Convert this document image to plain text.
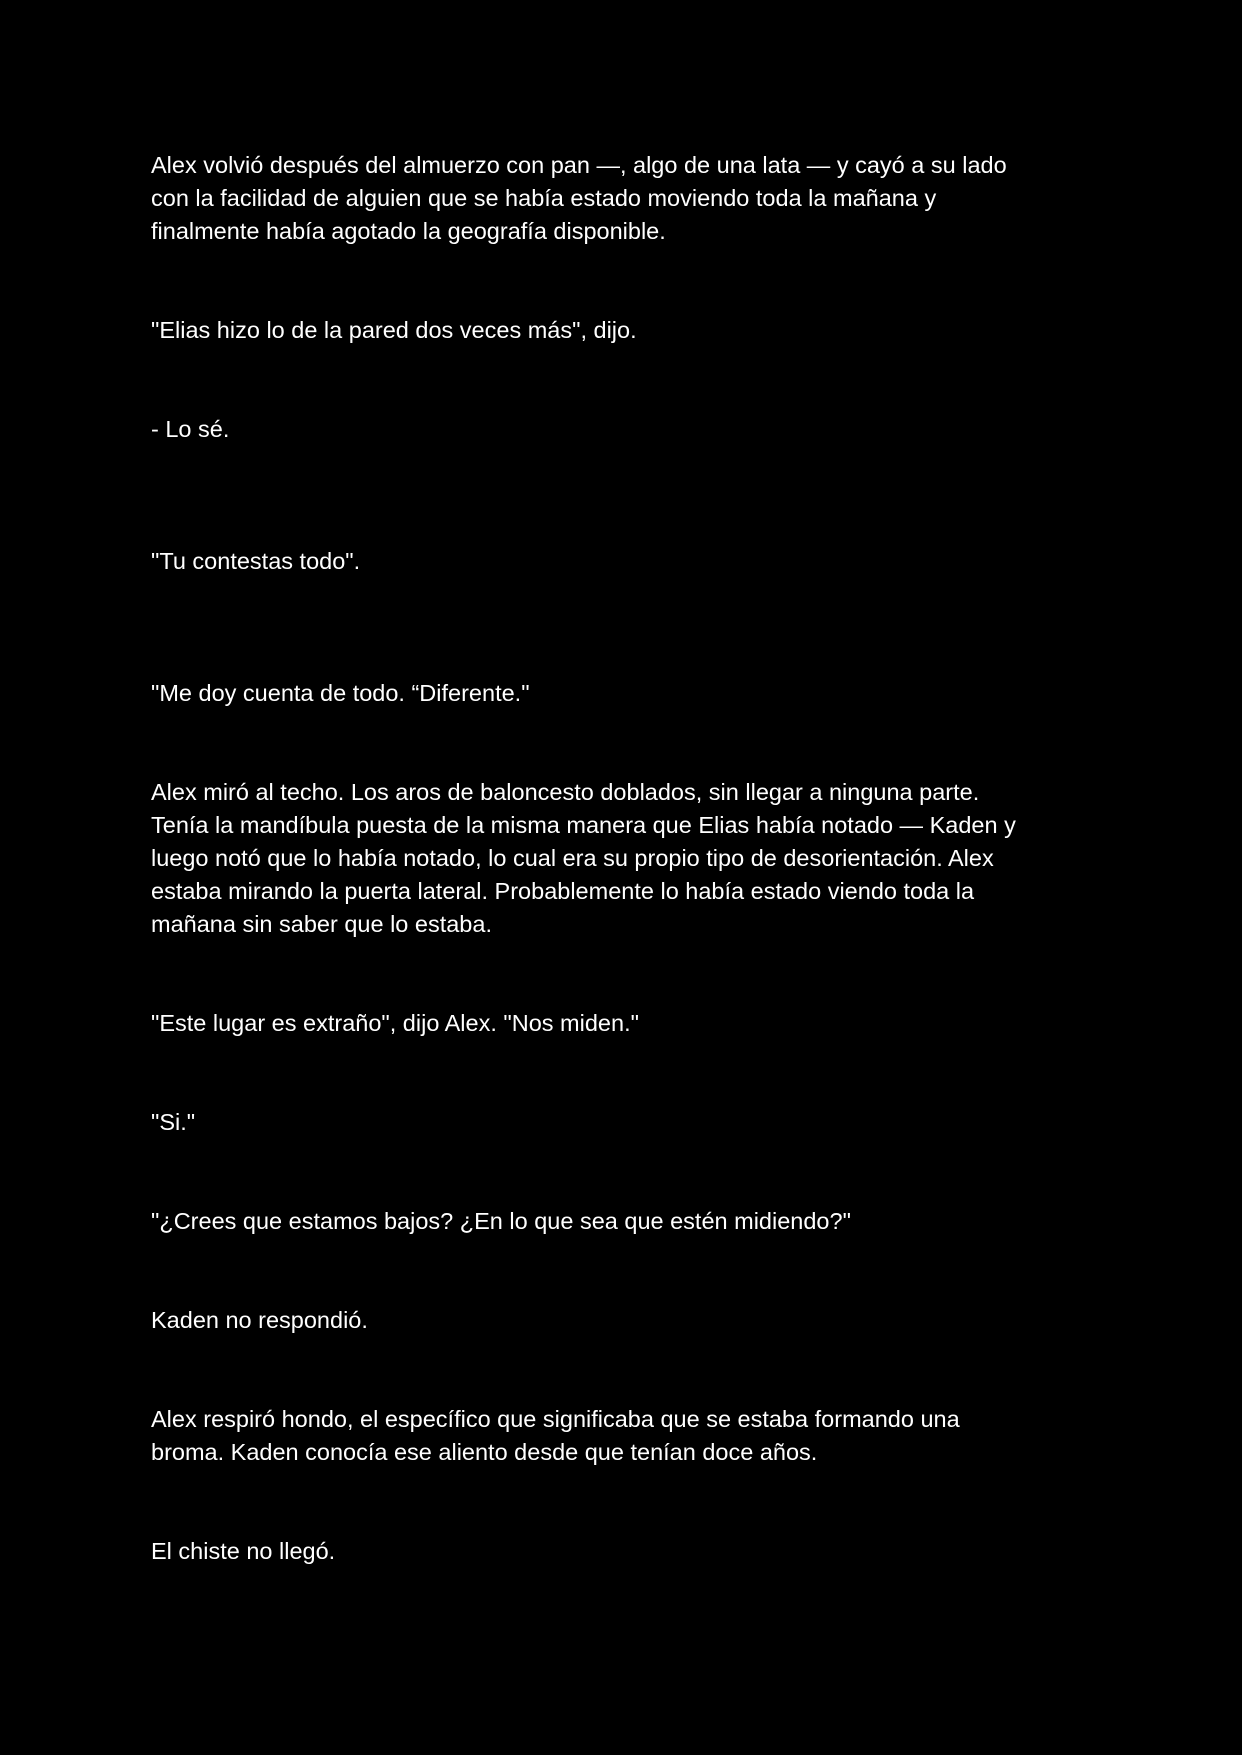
Alex volvió después del almuerzo con pan —, algo de una lata — y cayó a su lado
con la facilidad de alguien que se había estado moviendo toda la mañana y
finalmente había agotado la geografía disponible.

"Elias hizo lo de la pared dos veces más", dijo.

- Lo sé.

"Tu contestas todo".

"Me doy cuenta de todo. “Diferente."

Alex miró al techo. Los aros de baloncesto doblados, sin llegar a ninguna parte.
Tenía la mandíbula puesta de la misma manera que Elias había notado — Kaden y
luego notó que lo había notado, lo cual era su propio tipo de desorientación. Alex
estaba mirando la puerta lateral. Probablemente lo había estado viendo toda la
mañana sin saber que lo estaba.

"Este lugar es extraño", dijo Alex. "Nos miden."

"Si."

"¿Crees que estamos bajos? ¿En lo que sea que estén midiendo?"

Kaden no respondió.

Alex respiró hondo, el específico que significaba que se estaba formando una
broma. Kaden conocía ese aliento desde que tenían doce años.

El chiste no llegó.
